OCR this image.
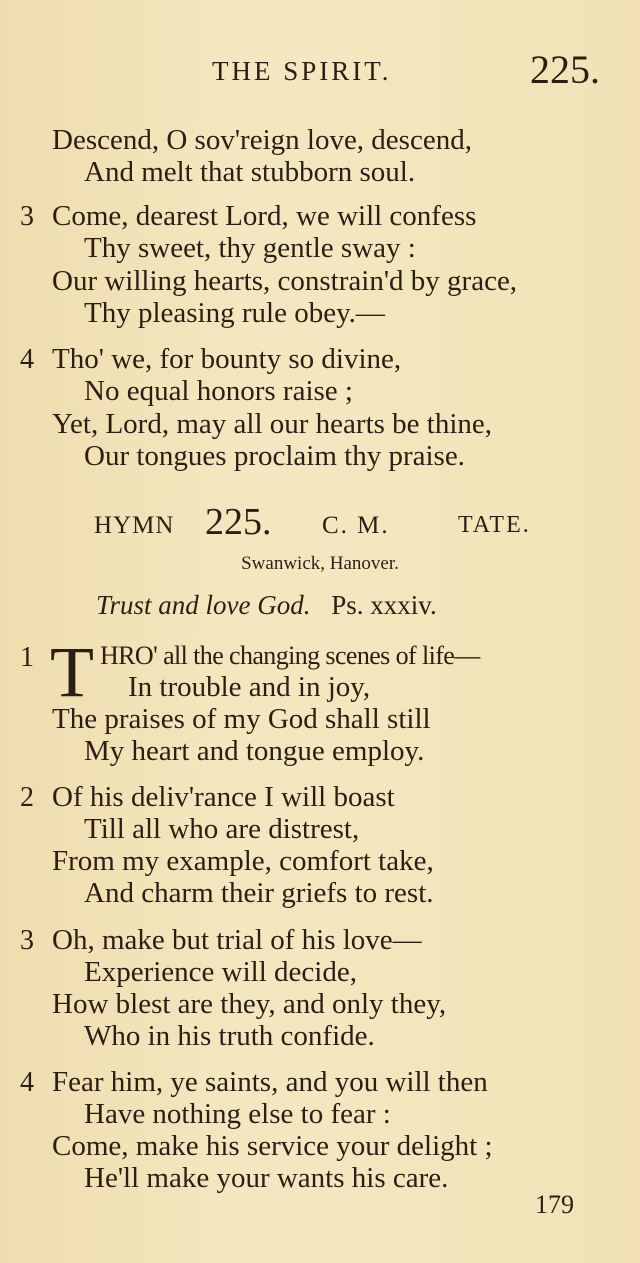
THE SPIRIT.	225.
Descend, O sov'reign love, descend,
And melt that stubborn soul.
3 Come, dearest Lord, we will confess
Thy sweet, thy gentle sway :
Our willing hearts, constrain'd by grace,
Thy pleasing rule obey.—
4 Tho' we, for bounty so divine,
No equal honors raise ;
Yet, Lord, may all our hearts be thine,
Our tongues proclaim thy praise.
HYMN 225. C. M.	TATE.
Swanwick, Hanover.
Trust and love God. Ps. xxxiv.
1 T HRO' all the changing scenes of life—
In trouble and in joy,
The praises of my God shall still
My heart and tongue employ.
2 Of his deliv'rance I will boast
Till all who are distrest,
From my example, comfort take,
And charm their griefs to rest.
3 Oh, make but trial of his love—
Experience will decide,
How blest are they, and only they,
Who in his truth confide.
4 Fear him, ye saints, and you will then
Have nothing else to fear :
Come, make his service your delight ;
He'll make your wants his care.
179
